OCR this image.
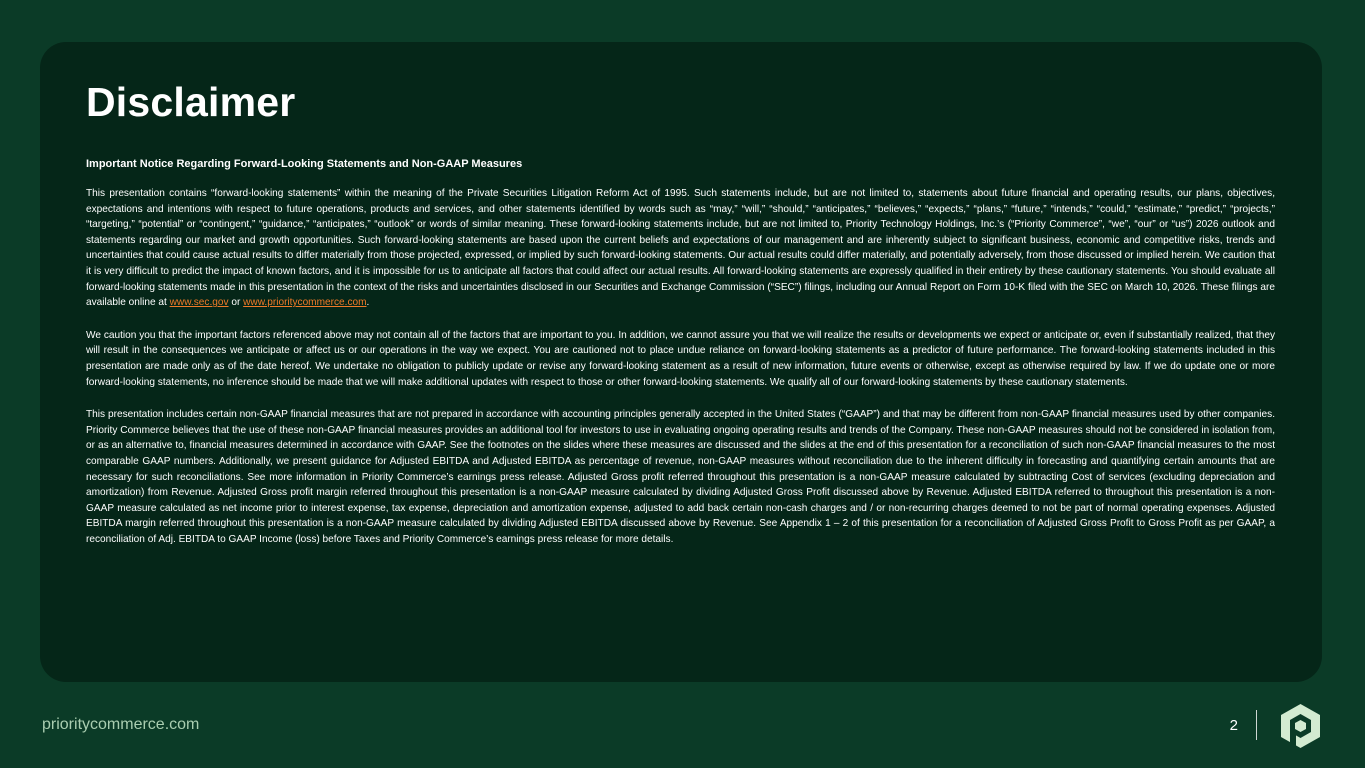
Disclaimer

Important Notice Regarding Forward-Looking Statements and Non-GAAP Measures

This presentation contains “forward-looking statements” within the meaning of the Private Securities Litigation Reform Act of 1995. Such statements include, but are not limited to, statements about future financial and operating results, our plans, objectives, expectations and intentions with respect to future operations, products and services, and other statements identified by words such as “may,” “will,” “should,” “anticipates,” “believes,” “expects,” “plans,” “future,” “intends,” “could,” “estimate,” “predict,” “projects,” “targeting,” “potential” or “contingent,” “guidance,” “anticipates,” “outlook” or words of similar meaning. These forward-looking statements include, but are not limited to, Priority Technology Holdings, Inc.’s (“Priority Commerce”, “we”, “our” or “us”) 2026 outlook and statements regarding our market and growth opportunities. Such forward-looking statements are based upon the current beliefs and expectations of our management and are inherently subject to significant business, economic and competitive risks, trends and uncertainties that could cause actual results to differ materially from those projected, expressed, or implied by such forward-looking statements. Our actual results could differ materially, and potentially adversely, from those discussed or implied herein. We caution that it is very difficult to predict the impact of known factors, and it is impossible for us to anticipate all factors that could affect our actual results. All forward-looking statements are expressly qualified in their entirety by these cautionary statements. You should evaluate all forward-looking statements made in this presentation in the context of the risks and uncertainties disclosed in our Securities and Exchange Commission (“SEC”) filings, including our Annual Report on Form 10-K filed with the SEC on March 10, 2026. These filings are available online at www.sec.gov or www.prioritycommerce.com.

We caution you that the important factors referenced above may not contain all of the factors that are important to you. In addition, we cannot assure you that we will realize the results or developments we expect or anticipate or, even if substantially realized, that they will result in the consequences we anticipate or affect us or our operations in the way we expect. You are cautioned not to place undue reliance on forward-looking statements as a predictor of future performance. The forward-looking statements included in this presentation are made only as of the date hereof. We undertake no obligation to publicly update or revise any forward-looking statement as a result of new information, future events or otherwise, except as otherwise required by law. If we do update one or more forward-looking statements, no inference should be made that we will make additional updates with respect to those or other forward-looking statements. We qualify all of our forward-looking statements by these cautionary statements.

This presentation includes certain non-GAAP financial measures that are not prepared in accordance with accounting principles generally accepted in the United States (“GAAP”) and that may be different from non-GAAP financial measures used by other companies. Priority Commerce believes that the use of these non-GAAP financial measures provides an additional tool for investors to use in evaluating ongoing operating results and trends of the Company. These non-GAAP measures should not be considered in isolation from, or as an alternative to, financial measures determined in accordance with GAAP. See the footnotes on the slides where these measures are discussed and the slides at the end of this presentation for a reconciliation of such non-GAAP financial measures to the most comparable GAAP numbers. Additionally, we present guidance for Adjusted EBITDA and Adjusted EBITDA as percentage of revenue, non-GAAP measures without reconciliation due to the inherent difficulty in forecasting and quantifying certain amounts that are necessary for such reconciliations. See more information in Priority Commerce’s earnings press release. Adjusted Gross profit referred throughout this presentation is a non-GAAP measure calculated by subtracting Cost of services (excluding depreciation and amortization) from Revenue. Adjusted Gross profit margin referred throughout this presentation is a non-GAAP measure calculated by dividing Adjusted Gross Profit discussed above by Revenue. Adjusted EBITDA referred to throughout this presentation is a non-GAAP measure calculated as net income prior to interest expense, tax expense, depreciation and amortization expense, adjusted to add back certain non-cash charges and / or non-recurring charges deemed to not be part of normal operating expenses. Adjusted EBITDA margin referred throughout this presentation is a non-GAAP measure calculated by dividing Adjusted EBITDA discussed above by Revenue. See Appendix 1 – 2 of this presentation for a reconciliation of Adjusted Gross Profit to Gross Profit as per GAAP, a reconciliation of Adj. EBITDA to GAAP Income (loss) before Taxes and Priority Commerce’s earnings press release for more details.

prioritycommerce.com	2
